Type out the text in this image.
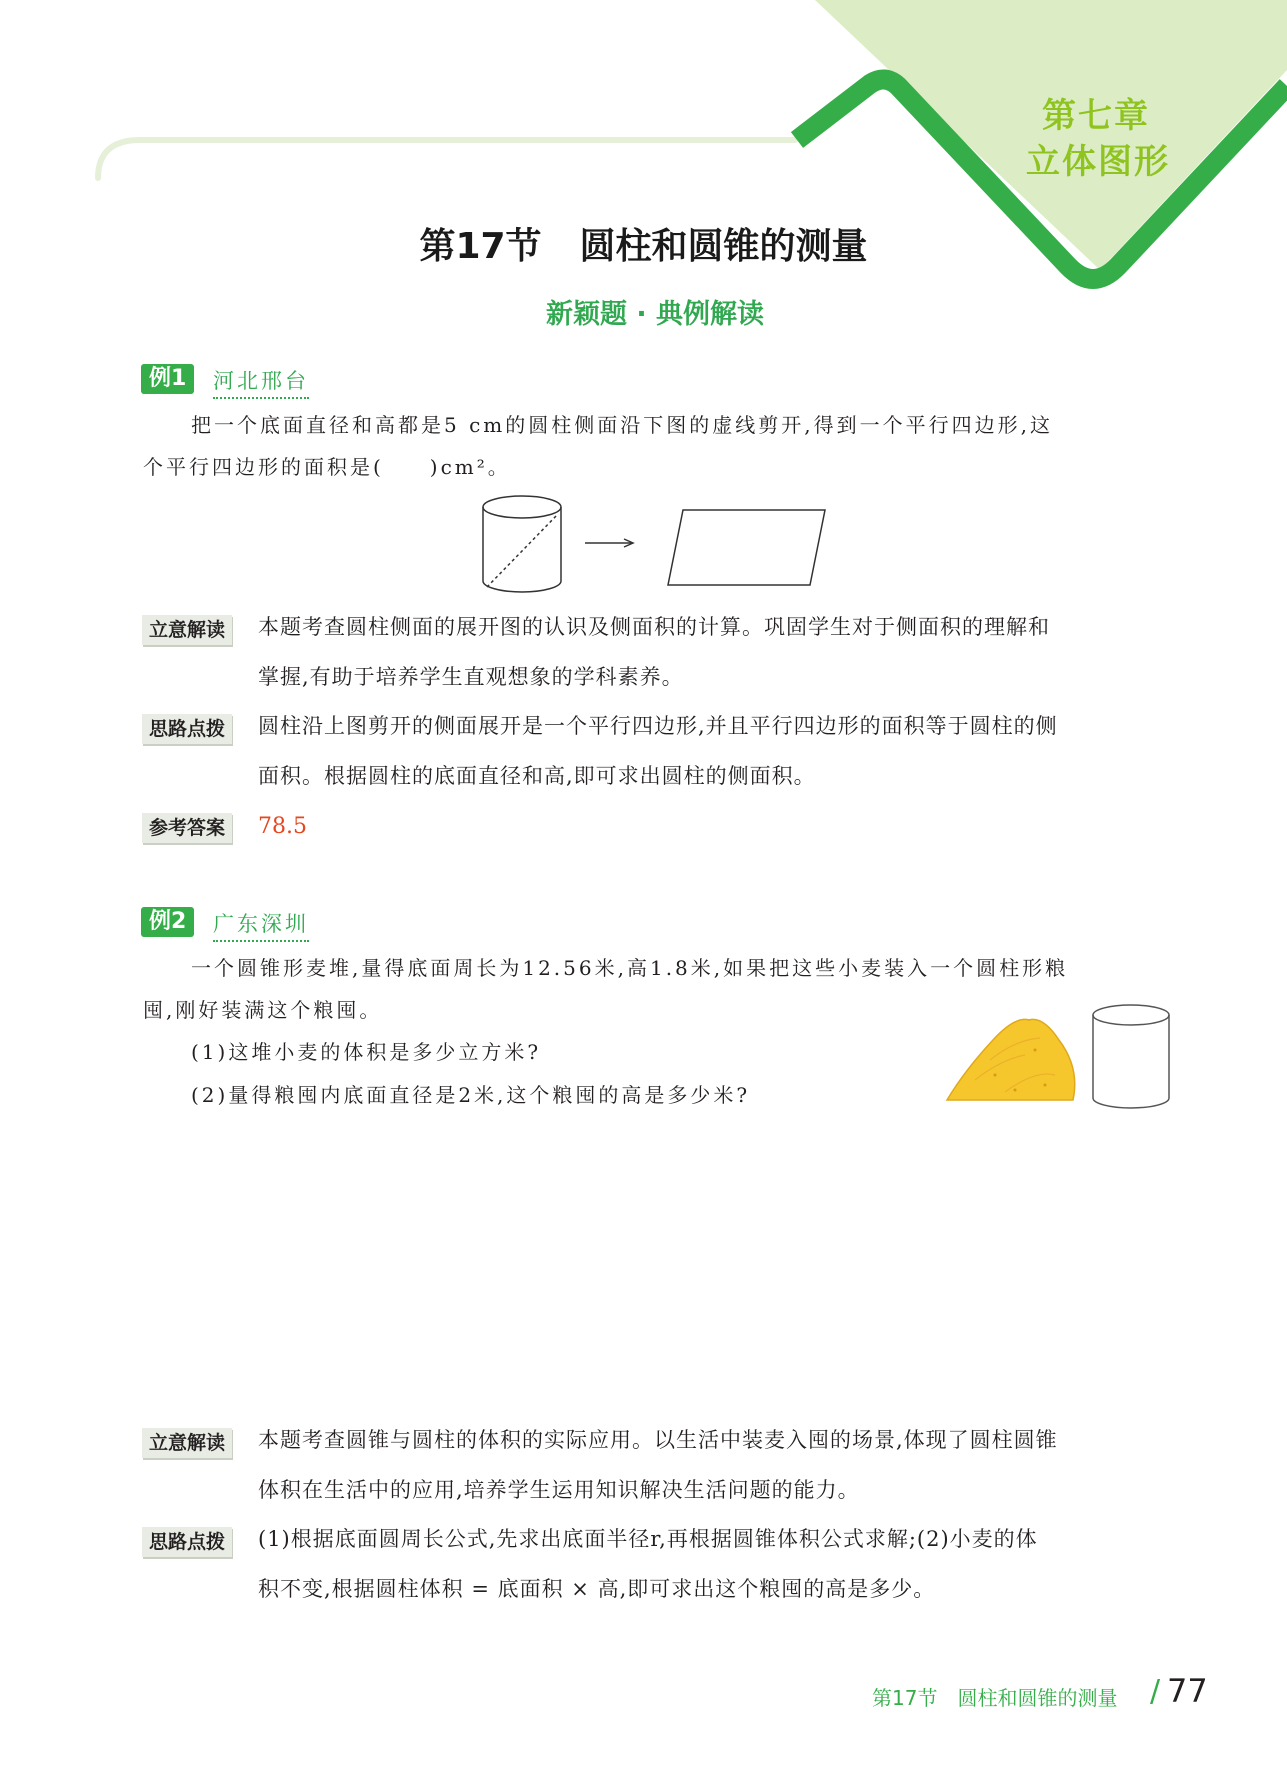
第七章
立体图形
第17节 圆柱和圆锥的测量
新颖题 · 典例解读
例1	河北邢台
把一个底面直径和高都是5 cm的圆柱侧面沿下图的虚线剪开,得到一个平行四边形,这
个平行四边形的面积是(　　)cm²。
立意解读	本题考查圆柱侧面的展开图的认识及侧面积的计算。巩固学生对于侧面积的理解和
掌握,有助于培养学生直观想象的学科素养。
思路点拨	圆柱沿上图剪开的侧面展开是一个平行四边形,并且平行四边形的面积等于圆柱的侧
面积。根据圆柱的底面直径和高,即可求出圆柱的侧面积。
参考答案	78.5
例2	广东深圳
一个圆锥形麦堆,量得底面周长为12.56米,高1.8米,如果把这些小麦装入一个圆柱形粮
囤,刚好装满这个粮囤。
(1)这堆小麦的体积是多少立方米?
(2)量得粮囤内底面直径是2米,这个粮囤的高是多少米?
立意解读	本题考查圆锥与圆柱的体积的实际应用。以生活中装麦入囤的场景,体现了圆柱圆锥
体积在生活中的应用,培养学生运用知识解决生活问题的能力。
思路点拨	(1)根据底面圆周长公式,先求出底面半径r,再根据圆锥体积公式求解;(2)小麦的体
积不变,根据圆柱体积 = 底面积 × 高,即可求出这个粮囤的高是多少。
第17节　圆柱和圆锥的测量 / 77
